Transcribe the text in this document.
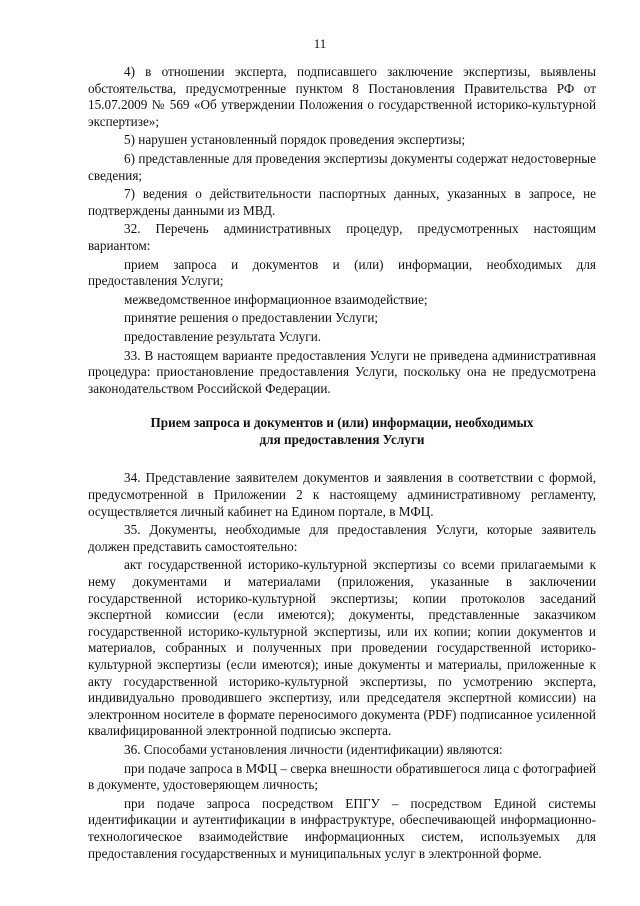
11

4) в отношении эксперта, подписавшего заключение экспертизы, выявлены обстоятельства, предусмотренные пунктом 8 Постановления Правительства РФ от 15.07.2009 № 569 «Об утверждении Положения о государственной историко-культурной экспертизе»;

5) нарушен установленный порядок проведения экспертизы;

6) представленные для проведения экспертизы документы содержат недостоверные сведения;

7) ведения о действительности паспортных данных, указанных в запросе, не подтверждены данными из МВД.

32. Перечень административных процедур, предусмотренных настоящим вариантом:

прием запроса и документов и (или) информации, необходимых для предоставления Услуги;

межведомственное информационное взаимодействие;

принятие решения о предоставлении Услуги;

предоставление результата Услуги.

33. В настоящем варианте предоставления Услуги не приведена административная процедура: приостановление предоставления Услуги, поскольку она не предусмотрена законодательством Российской Федерации.

Прием запроса и документов и (или) информации, необходимых
для предоставления Услуги

34. Представление заявителем документов и заявления в соответствии с формой, предусмотренной в Приложении 2 к настоящему административному регламенту, осуществляется личный кабинет на Едином портале, в МФЦ.

35. Документы, необходимые для предоставления Услуги, которые заявитель должен представить самостоятельно:

акт государственной историко-культурной экспертизы со всеми прилагаемыми к нему документами и материалами (приложения, указанные в заключении государственной историко-культурной экспертизы; копии протоколов заседаний экспертной комиссии (если имеются); документы, представленные заказчиком государственной историко-культурной экспертизы, или их копии; копии документов и материалов, собранных и полученных при проведении государственной историко-культурной экспертизы (если имеются); иные документы и материалы, приложенные к акту государственной историко-культурной экспертизы, по усмотрению эксперта, индивидуально проводившего экспертизу, или председателя экспертной комиссии) на электронном носителе в формате переносимого документа (PDF) подписанное усиленной квалифицированной электронной подписью эксперта.

36. Способами установления личности (идентификации) являются:

при подаче запроса в МФЦ – сверка внешности обратившегося лица с фотографией в документе, удостоверяющем личность;

при подаче запроса посредством ЕПГУ – посредством Единой системы идентификации и аутентификации в инфраструктуре, обеспечивающей информационно-технологическое взаимодействие информационных систем, используемых для предоставления государственных и муниципальных услуг в электронной форме.
